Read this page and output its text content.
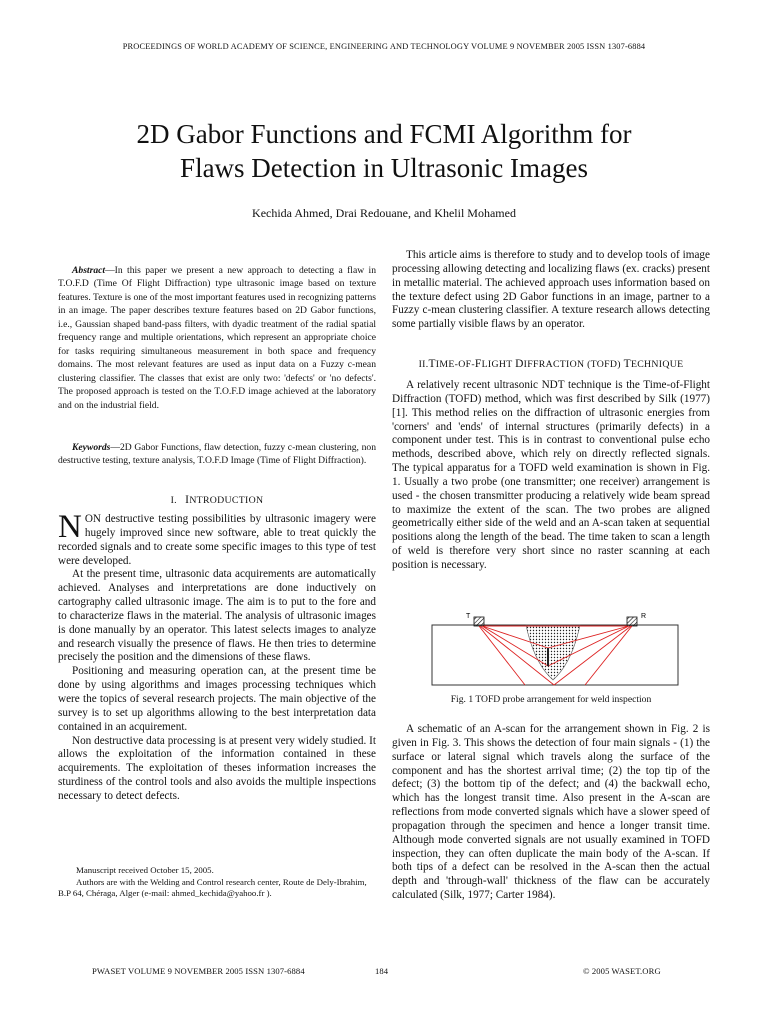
PROCEEDINGS OF WORLD ACADEMY OF SCIENCE, ENGINEERING AND TECHNOLOGY VOLUME 9 NOVEMBER 2005 ISSN 1307-6884
2D Gabor Functions and FCMI Algorithm for
Flaws Detection in Ultrasonic Images
Kechida Ahmed, Drai Redouane, and Khelil Mohamed
Abstract—In this paper we present a new approach to detecting a flaw in T.O.F.D (Time Of Flight Diffraction) type ultrasonic image based on texture features. Texture is one of the most important features used in recognizing patterns in an image. The paper describes texture features based on 2D Gabor functions, i.e., Gaussian shaped band-pass filters, with dyadic treatment of the radial spatial frequency range and multiple orientations, which represent an appropriate choice for tasks requiring simultaneous measurement in both space and frequency domains. The most relevant features are used as input data on a Fuzzy c-mean clustering classifier. The classes that exist are only two: 'defects' or 'no defects'. The proposed approach is tested on the T.O.F.D image achieved at the laboratory and on the industrial field.
Keywords—2D Gabor Functions, flaw detection, fuzzy c-mean clustering, non destructive testing, texture analysis, T.O.F.D Image (Time of Flight Diffraction).
I. INTRODUCTION

NON destructive testing possibilities by ultrasonic imagery were hugely improved since new software, able to treat quickly the recorded signals and to create some specific images to this type of test were developed.

At the present time, ultrasonic data acquirements are automatically achieved. Analyses and interpretations are done inductively on cartography called ultrasonic image. The aim is to put to the fore and to characterize flaws in the material. The analysis of ultrasonic images is done manually by an operator. This latest selects images to analyze and research visually the presence of flaws. He then tries to determine precisely the position and the dimensions of these flaws.

Positioning and measuring operation can, at the present time be done by using algorithms and images processing techniques which were the topics of several research projects. The main objective of the survey is to set up algorithms allowing to the best interpretation data contained in an acquirement.

Non destructive data processing is at present very widely studied. It allows the exploitation of the information contained in these acquirements. The exploitation of theses information increases the sturdiness of the control tools and also avoids the multiple inspections necessary to detect defects.

Manuscript received October 15, 2005.
Authors are with the Welding and Control research center, Route de Dely-Ibrahim, B.P 64, Chéraga, Alger (e-mail: ahmed_kechida@yahoo.fr ).

This article aims is therefore to study and to develop tools of image processing allowing detecting and localizing flaws (ex. cracks) present in metallic material. The achieved approach uses information based on the texture defect using 2D Gabor functions in an image, partner to a Fuzzy c-mean clustering classifier. A texture research allows detecting some partially visible flaws by an operator.

II.TIME-OF-FLIGHT DIFFRACTION (TOFD) TECHNIQUE

A relatively recent ultrasonic NDT technique is the Time-of-Flight Diffraction (TOFD) method, which was first described by Silk (1977)[1]. This method relies on the diffraction of ultrasonic energies from 'corners' and 'ends' of internal structures (primarily defects) in a component under test. This is in contrast to conventional pulse echo methods, described above, which rely on directly reflected signals. The typical apparatus for a TOFD weld examination is shown in Fig. 1. Usually a two probe (one transmitter; one receiver) arrangement is used - the chosen transmitter producing a relatively wide beam spread to maximize the extent of the scan. The two probes are aligned geometrically either side of the weld and an A-scan taken at sequential positions along the length of the bead. The time taken to scan a length of weld is therefore very short since no raster scanning at each position is necessary.

T	R
Fig. 1 TOFD probe arrangement for weld inspection

A schematic of an A-scan for the arrangement shown in Fig. 2 is given in Fig. 3. This shows the detection of four main signals - (1) the surface or lateral signal which travels along the surface of the component and has the shortest arrival time; (2) the top tip of the defect; (3) the bottom tip of the defect; and (4) the backwall echo, which has the longest transit time. Also present in the A-scan are reflections from mode converted signals which have a slower speed of propagation through the specimen and hence a longer transit time. Although mode converted signals are not usually examined in TOFD inspection, they can often duplicate the main body of the A-scan. If both tips of a defect can be resolved in the A-scan then the actual depth and 'through-wall' thickness of the flaw can be accurately calculated (Silk, 1977; Carter 1984).

PWASET VOLUME 9 NOVEMBER 2005 ISSN 1307-6884	184	© 2005 WASET.ORG
